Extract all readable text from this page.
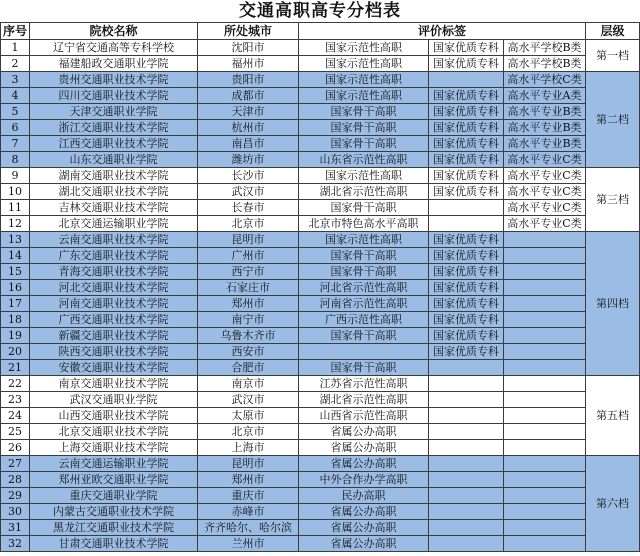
交通高职高专分档表
序号	院校名称	所处城市	评价标签			层级
1	辽宁省交通高等专科学校	沈阳市	国家示范性高职	国家优质专科	高水平学校B类	第一档
2	福建船政交通职业学院	福州市	国家示范性高职	国家优质专科	高水平学校B类	
3	贵州交通职业技术学院	贵阳市	国家示范性高职		高水平学校C类	第二档
4	四川交通职业技术学院	成都市	国家示范性高职	国家优质专科	高水平专业A类	
5	天津交通职业学院	天津市	国家骨干高职	国家优质专科	高水平专业B类	
6	浙江交通职业技术学院	杭州市	国家骨干高职	国家优质专科	高水平专业B类	
7	江西交通职业技术学院	南昌市	国家骨干高职	国家优质专科	高水平专业B类	
8	山东交通职业学院	潍坊市	山东省示范性高职	国家优质专科	高水平专业C类	
9	湖南交通职业技术学院	长沙市	国家示范性高职	国家优质专科	高水平专业C类	第三档
10	湖北交通职业技术学院	武汉市	湖北省示范性高职	国家优质专科	高水平专业C类	
11	吉林交通职业技术学院	长春市	国家骨干高职		高水平专业C类	
12	北京交通运输职业学院	北京市	北京市特色高水平高职		高水平专业C类	
13	云南交通职业技术学院	昆明市	国家示范性高职	国家优质专科		第四档
14	广东交通职业技术学院	广州市	国家骨干高职	国家优质专科		
15	青海交通职业技术学院	西宁市	国家骨干高职	国家优质专科		
16	河北交通职业技术学院	石家庄市	河北省示范性高职	国家优质专科		
17	河南交通职业技术学院	郑州市	河南省示范性高职	国家优质专科		
18	广西交通职业技术学院	南宁市	广西示范性高职	国家优质专科		
19	新疆交通职业技术学院	乌鲁木齐市	国家骨干高职	国家优质专科		
20	陕西交通职业技术学院	西安市		国家优质专科		
21	安徽交通职业技术学院	合肥市	国家骨干高职			
22	南京交通职业技术学院	南京市	江苏省示范性高职			第五档
23	武汉交通职业学院	武汉市	湖北省示范性高职			
24	山西交通职业技术学院	太原市	山西省示范性高职			
25	北京交通职业技术学院	北京市	省属公办高职			
26	上海交通职业技术学院	上海市	省属公办高职			
27	云南交通运输职业学院	昆明市	省属公办高职			第六档
28	郑州亚欧交通职业学院	郑州市	中外合作办学高职			
29	重庆交通职业学院	重庆市	民办高职			
30	内蒙古交通职业技术学院	赤峰市	省属公办高职			
31	黑龙江交通职业技术学院	齐齐哈尔、哈尔滨	省属公办高职			
32	甘肃交通职业技术学院	兰州市	省属公办高职			
